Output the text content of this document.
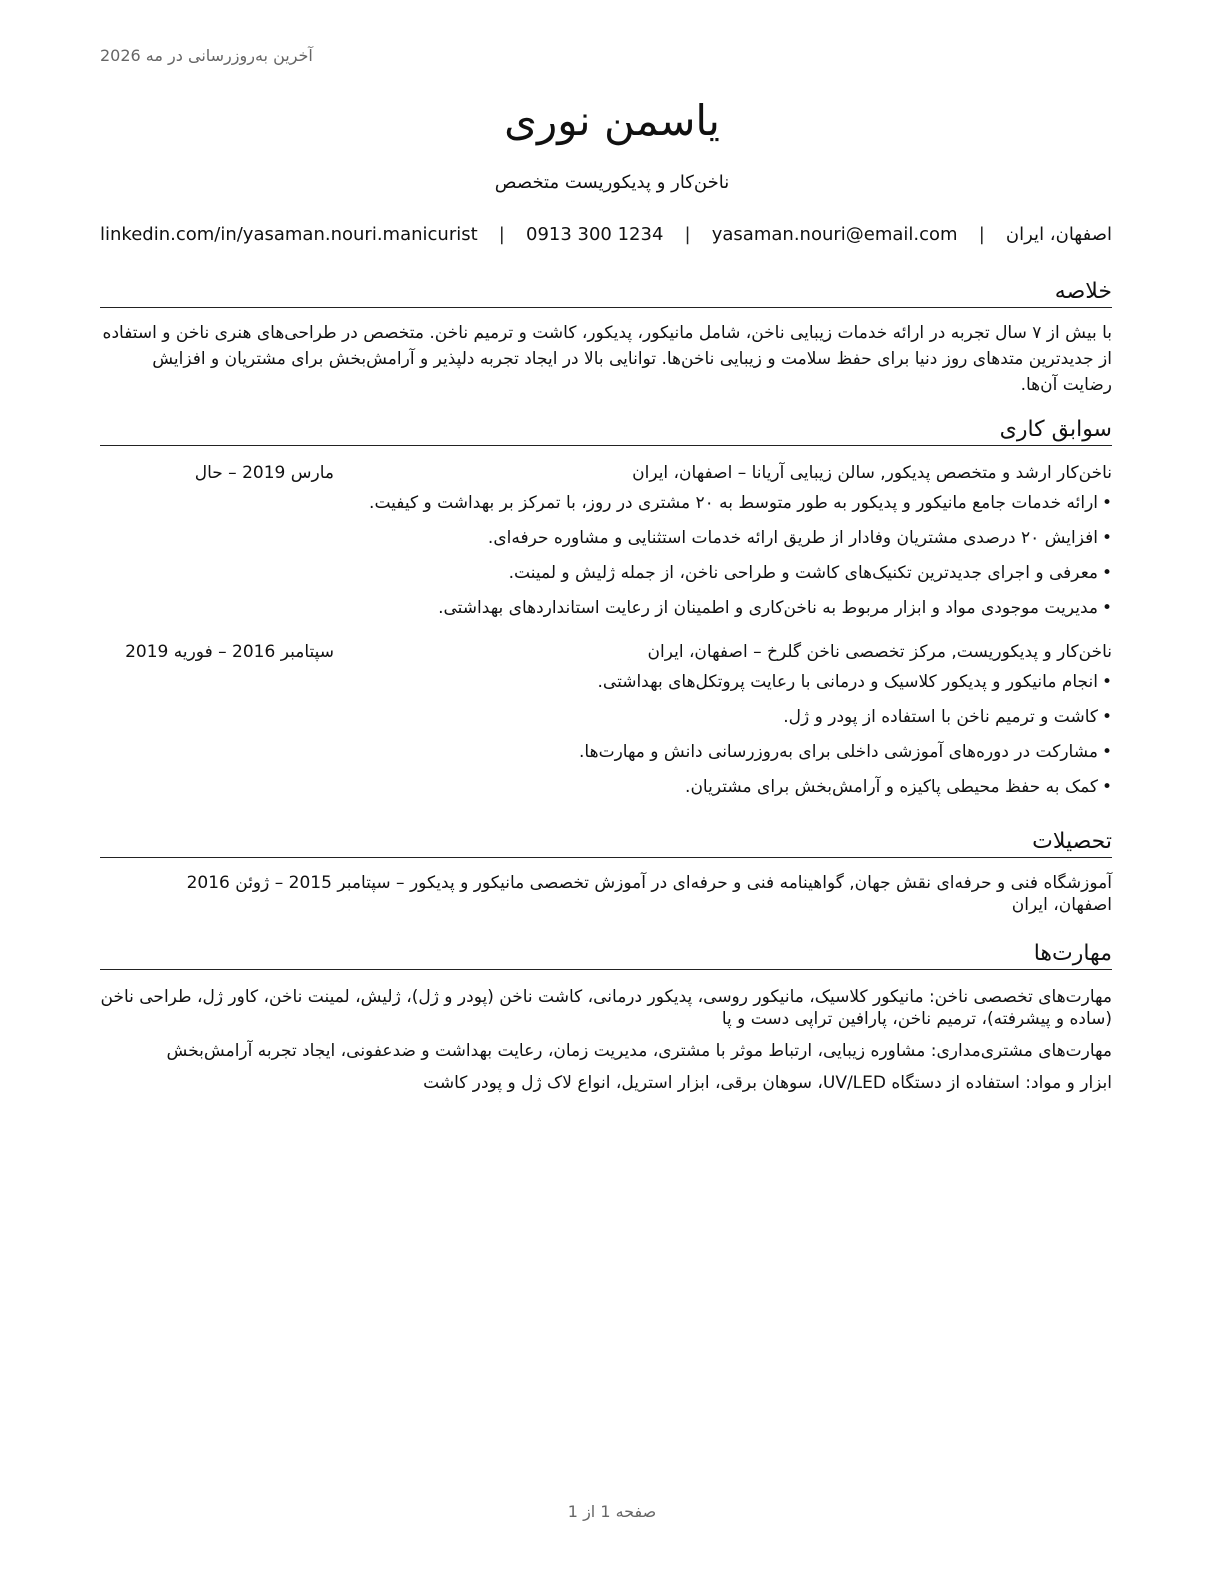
آخرین به‌روزرسانی در مه 2026
یاسمن نوری
ناخن‌کار و پدیکوریست متخصص
اصفهان، ایران
|
yasaman.nouri@email.com
|
0913 300 1234
|
linkedin.com/in/yasaman.nouri.manicurist
خلاصه
با بیش از ۷ سال تجربه در ارائه خدمات زیبایی ناخن، شامل مانیکور، پدیکور، کاشت و ترمیم ناخن. متخصص در طراحی‌های هنری ناخن و استفاده از جدیدترین متدهای روز دنیا برای حفظ سلامت و زیبایی ناخن‌ها. توانایی بالا در ایجاد تجربه دلپذیر و آرامش‌بخش برای مشتریان و افزایش رضایت آن‌ها.
سوابق کاری
ناخن‌کار ارشد و متخصص پدیکور, سالن زیبایی آریانا – اصفهان، ایران
مارس 2019 – حال
• ارائه خدمات جامع مانیکور و پدیکور به طور متوسط به ۲۰ مشتری در روز، با تمرکز بر بهداشت و کیفیت.
• افزایش ۲۰ درصدی مشتریان وفادار از طریق ارائه خدمات استثنایی و مشاوره حرفه‌ای.
• معرفی و اجرای جدیدترین تکنیک‌های کاشت و طراحی ناخن، از جمله ژلیش و لمینت.
• مدیریت موجودی مواد و ابزار مربوط به ناخن‌کاری و اطمینان از رعایت استانداردهای بهداشتی.
ناخن‌کار و پدیکوریست, مرکز تخصصی ناخن گلرخ – اصفهان، ایران
سپتامبر 2016 – فوریه 2019
• انجام مانیکور و پدیکور کلاسیک و درمانی با رعایت پروتکل‌های بهداشتی.
• کاشت و ترمیم ناخن با استفاده از پودر و ژل.
• مشارکت در دوره‌های آموزشی داخلی برای به‌روزرسانی دانش و مهارت‌ها.
• کمک به حفظ محیطی پاکیزه و آرامش‌بخش برای مشتریان.
تحصیلات
آموزشگاه فنی و حرفه‌ای نقش جهان, گواهینامه فنی و حرفه‌ای در آموزش تخصصی مانیکور و پدیکور – سپتامبر 2015 – ژوئن 2016
اصفهان، ایران
مهارت‌ها
مهارت‌های تخصصی ناخن: مانیکور کلاسیک، مانیکور روسی، پدیکور درمانی، کاشت ناخن (پودر و ژل)، ژلیش، لمینت ناخن، کاور ژل، طراحی ناخن (ساده و پیشرفته)، ترمیم ناخن، پارافین تراپی دست و پا
مهارت‌های مشتری‌مداری: مشاوره زیبایی، ارتباط موثر با مشتری، مدیریت زمان، رعایت بهداشت و ضدعفونی، ایجاد تجربه آرامش‌بخش
ابزار و مواد: استفاده از دستگاه UV/LED، سوهان برقی، ابزار استریل، انواع لاک ژل و پودر کاشت
صفحه 1 از 1
